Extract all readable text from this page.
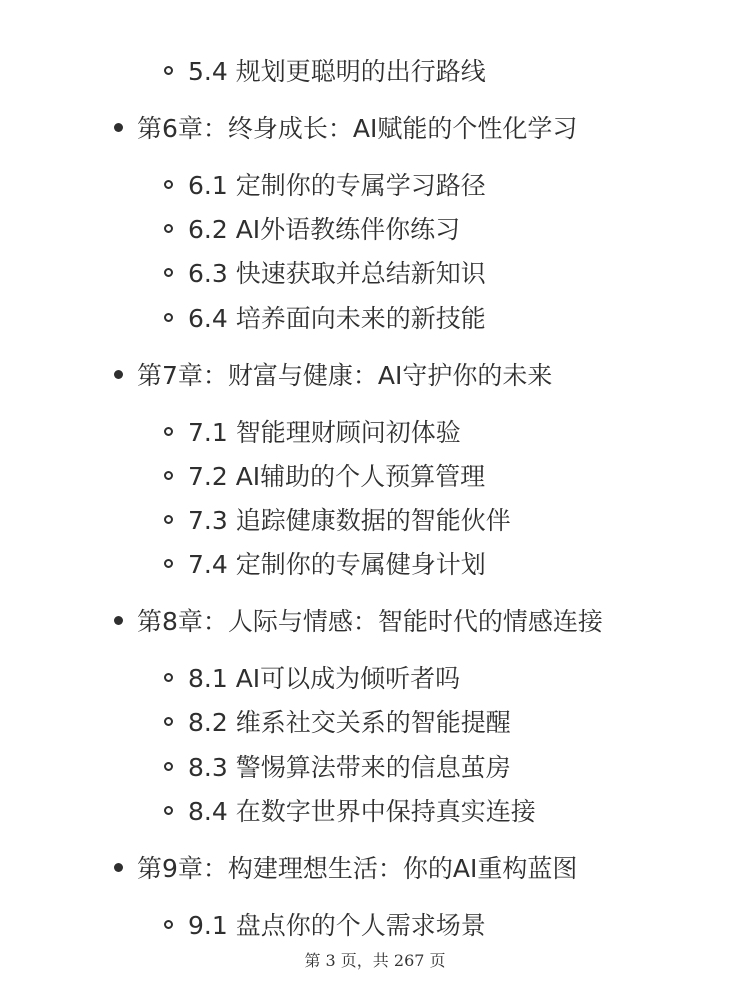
5.4 规划更聪明的出行路线
第6章：终身成长：AI赋能的个性化学习
6.1 定制你的专属学习路径
6.2 AI外语教练伴你练习
6.3 快速获取并总结新知识
6.4 培养面向未来的新技能
第7章：财富与健康：AI守护你的未来
7.1 智能理财顾问初体验
7.2 AI辅助的个人预算管理
7.3 追踪健康数据的智能伙伴
7.4 定制你的专属健身计划
第8章：人际与情感：智能时代的情感连接
8.1 AI可以成为倾听者吗
8.2 维系社交关系的智能提醒
8.3 警惕算法带来的信息茧房
8.4 在数字世界中保持真实连接
第9章：构建理想生活：你的AI重构蓝图
9.1 盘点你的个人需求场景
第 3 页，共 267 页
